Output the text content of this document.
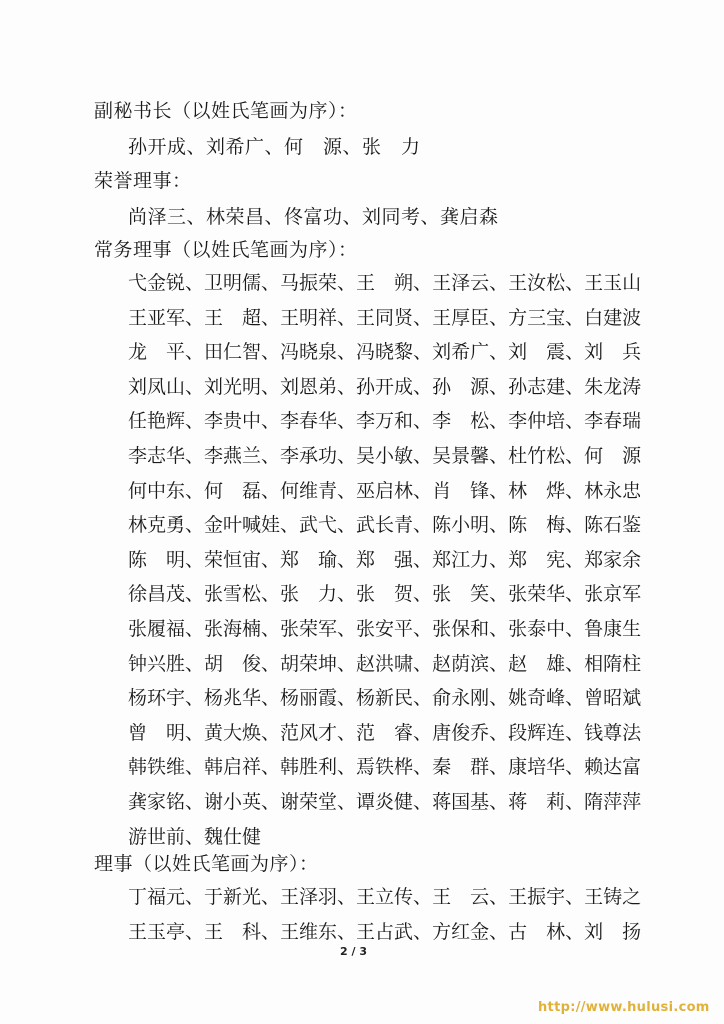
副秘书长（以姓氏笔画为序）：
孙开成、刘希广、何　源、张　力
荣誉理事：
尚泽三、林荣昌、佟富功、刘同考、龚启森
常务理事（以姓氏笔画为序）：
弋金锐、 卫明儒、 马振荣、 王　朔、 王泽云、 王汝松、 王玉山
王亚军、 王　超、 王明祥、 王同贤、 王厚臣、 方三宝、 白建波
龙　平、 田仁智、 冯晓泉、 冯晓黎、 刘希广、 刘　震、 刘　兵
刘凤山、 刘光明、 刘恩弟、 孙开成、 孙　源、 孙志建、 朱龙涛
任艳辉、 李贵中、 李春华、 李万和、 李　松、 李仲培、 李春瑞
李志华、 李燕兰、 李承功、 吴小敏、 吴景馨、 杜竹松、 何　源
何中东、 何　磊、 何维青、 巫启林、 肖　锋、 林　烨、 林永忠
林克勇、 金叶喊娃、 武弋、 武长青、 陈小明、 陈　梅、 陈石鉴
陈　明、 荣恒宙、 郑　瑜、 郑　强、 郑江力、 郑　宪、 郑家余
徐昌茂、 张雪松、 张　力、 张　贺、 张　笑、 张荣华、 张京军
张履福、 张海楠、 张荣军、 张安平、 张保和、 张泰中、 鲁康生
钟兴胜、 胡　俊、 胡荣坤、 赵洪啸、 赵荫滨、 赵　雄、 相隋柱
杨环宇、 杨兆华、 杨丽霞、 杨新民、 俞永刚、 姚奇峰、 曾昭斌
曾　明、 黄大焕、 范风才、 范　睿、 唐俊乔、 段辉连、 钱尊法
韩铁维、 韩启祥、 韩胜利、 焉铁桦、 秦　群、 康培华、 赖达富
龚家铭、 谢小英、 谢荣堂、 谭炎健、 蒋国基、 蒋　莉、 隋萍萍
游世前、 魏仕健
理事（以姓氏笔画为序）：
丁福元、 于新光、 王泽羽、 王立传、 王　云、 王振宇、 王铸之
王玉亭、 王　科、 王维东、 王占武、 方红金、 古　林、 刘　扬
2 / 3
http://www.hulusi.com
